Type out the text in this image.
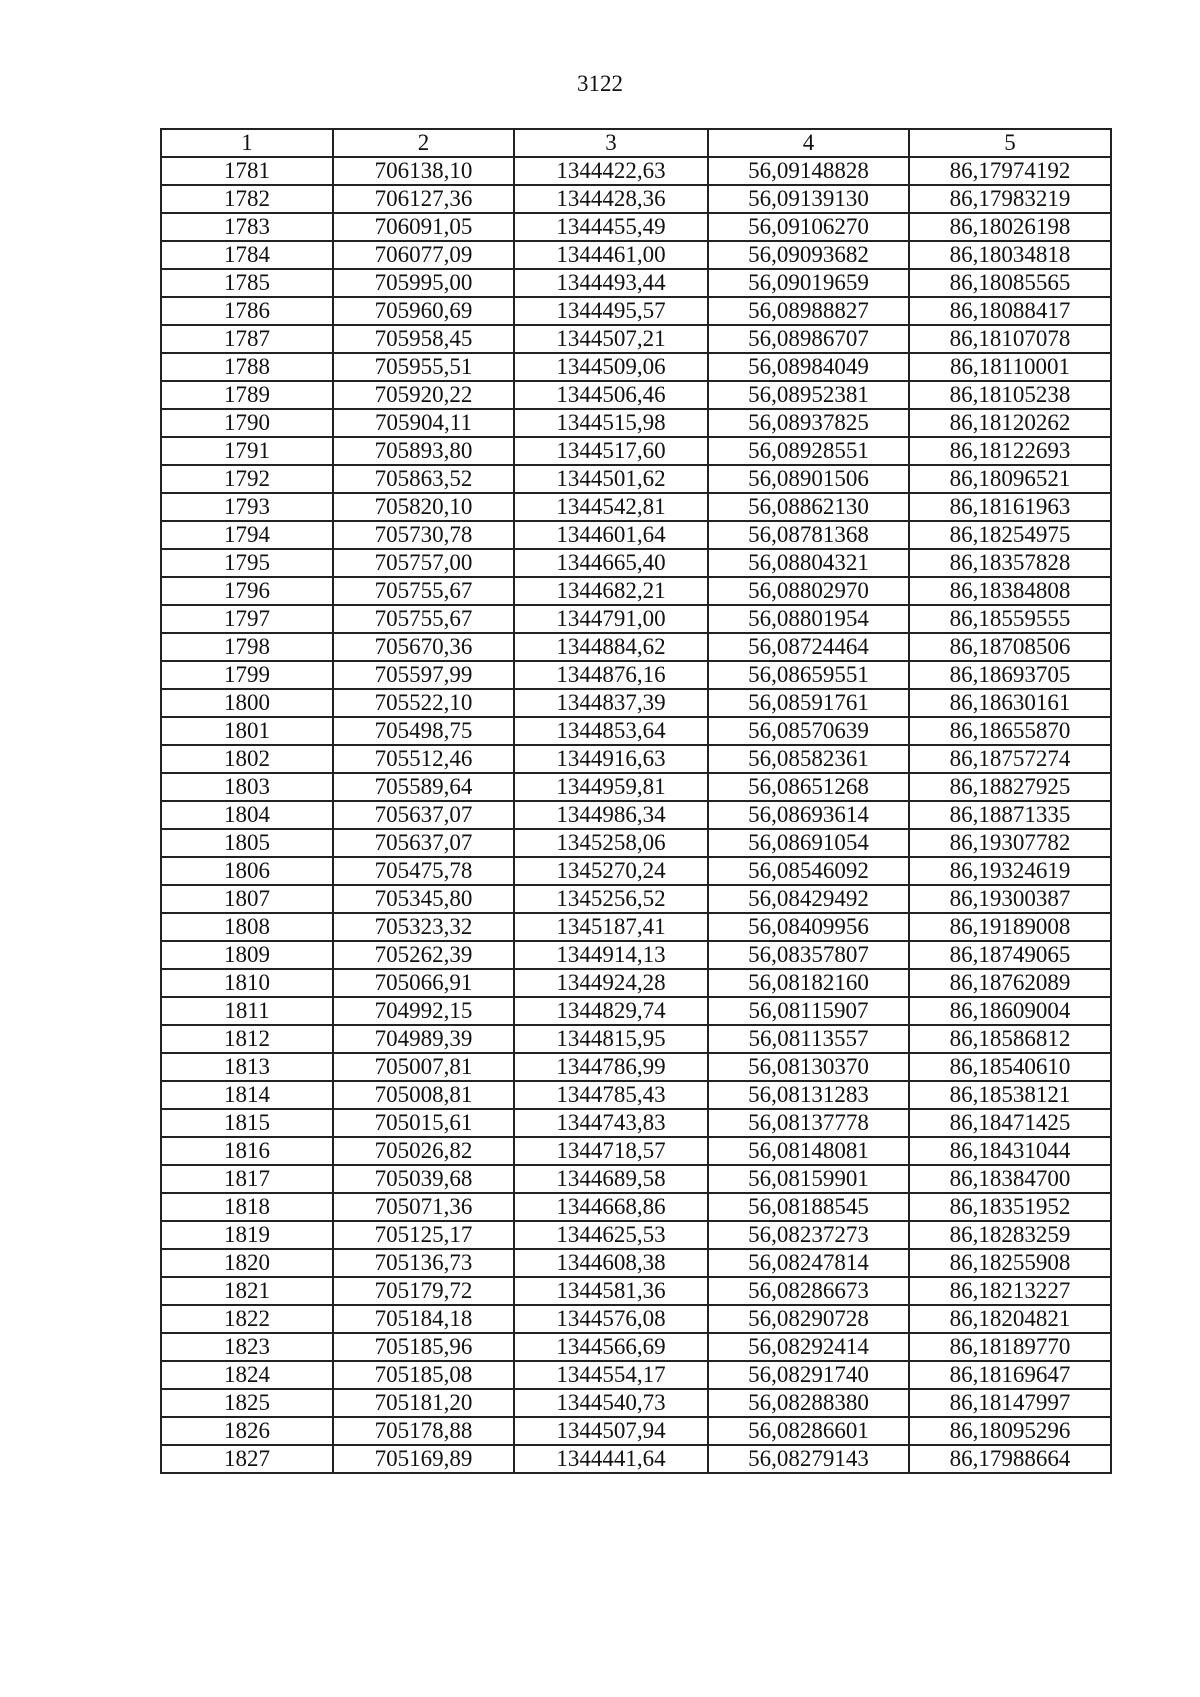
3122
1	2	3	4	5
1781	706138,10	1344422,63	56,09148828	86,17974192
1782	706127,36	1344428,36	56,09139130	86,17983219
1783	706091,05	1344455,49	56,09106270	86,18026198
1784	706077,09	1344461,00	56,09093682	86,18034818
1785	705995,00	1344493,44	56,09019659	86,18085565
1786	705960,69	1344495,57	56,08988827	86,18088417
1787	705958,45	1344507,21	56,08986707	86,18107078
1788	705955,51	1344509,06	56,08984049	86,18110001
1789	705920,22	1344506,46	56,08952381	86,18105238
1790	705904,11	1344515,98	56,08937825	86,18120262
1791	705893,80	1344517,60	56,08928551	86,18122693
1792	705863,52	1344501,62	56,08901506	86,18096521
1793	705820,10	1344542,81	56,08862130	86,18161963
1794	705730,78	1344601,64	56,08781368	86,18254975
1795	705757,00	1344665,40	56,08804321	86,18357828
1796	705755,67	1344682,21	56,08802970	86,18384808
1797	705755,67	1344791,00	56,08801954	86,18559555
1798	705670,36	1344884,62	56,08724464	86,18708506
1799	705597,99	1344876,16	56,08659551	86,18693705
1800	705522,10	1344837,39	56,08591761	86,18630161
1801	705498,75	1344853,64	56,08570639	86,18655870
1802	705512,46	1344916,63	56,08582361	86,18757274
1803	705589,64	1344959,81	56,08651268	86,18827925
1804	705637,07	1344986,34	56,08693614	86,18871335
1805	705637,07	1345258,06	56,08691054	86,19307782
1806	705475,78	1345270,24	56,08546092	86,19324619
1807	705345,80	1345256,52	56,08429492	86,19300387
1808	705323,32	1345187,41	56,08409956	86,19189008
1809	705262,39	1344914,13	56,08357807	86,18749065
1810	705066,91	1344924,28	56,08182160	86,18762089
1811	704992,15	1344829,74	56,08115907	86,18609004
1812	704989,39	1344815,95	56,08113557	86,18586812
1813	705007,81	1344786,99	56,08130370	86,18540610
1814	705008,81	1344785,43	56,08131283	86,18538121
1815	705015,61	1344743,83	56,08137778	86,18471425
1816	705026,82	1344718,57	56,08148081	86,18431044
1817	705039,68	1344689,58	56,08159901	86,18384700
1818	705071,36	1344668,86	56,08188545	86,18351952
1819	705125,17	1344625,53	56,08237273	86,18283259
1820	705136,73	1344608,38	56,08247814	86,18255908
1821	705179,72	1344581,36	56,08286673	86,18213227
1822	705184,18	1344576,08	56,08290728	86,18204821
1823	705185,96	1344566,69	56,08292414	86,18189770
1824	705185,08	1344554,17	56,08291740	86,18169647
1825	705181,20	1344540,73	56,08288380	86,18147997
1826	705178,88	1344507,94	56,08286601	86,18095296
1827	705169,89	1344441,64	56,08279143	86,17988664
